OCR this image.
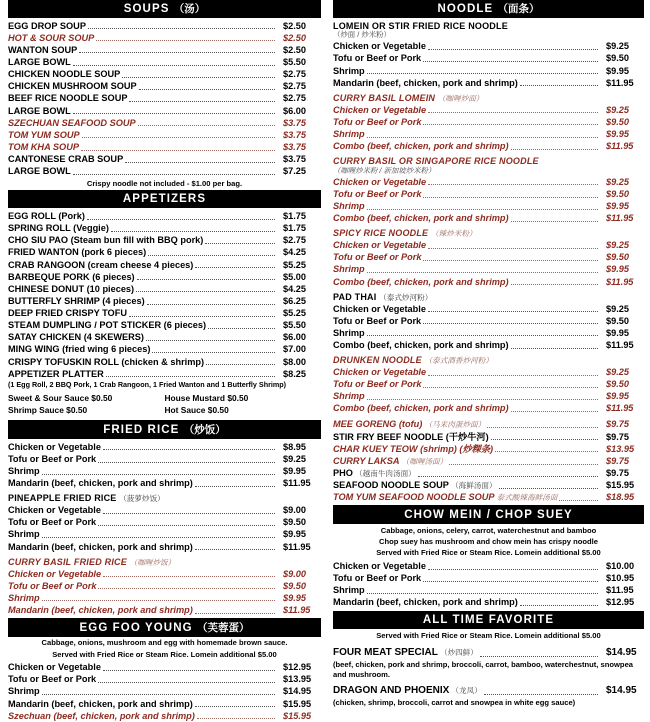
SOUPS （汤）
EGG DROP SOUP	$2.50
HOT & SOUR SOUP	$2.50
WANTON SOUP	$2.50
LARGE BOWL	$5.50
CHICKEN NOODLE SOUP	$2.75
CHICKEN MUSHROOM SOUP	$2.75
BEEF RICE NOODLE SOUP	$2.75
LARGE BOWL	$6.00
SZECHUAN SEAFOOD SOUP	$3.75
TOM YUM SOUP	$3.75
TOM KHA SOUP	$3.75
CANTONESE CRAB SOUP	$3.75
LARGE BOWL	$7.25
Crispy noodle not included - $1.00 per bag.
APPETIZERS
EGG ROLL (Pork)	$1.75
SPRING ROLL (Veggie)	$1.75
CHO SIU PAO (Steam bun fill with BBQ pork)	$2.75
FRIED WANTON (pork 6 pieces)	$4.25
CRAB RANGOON (cream cheese 4 pieces)	$5.25
BARBEQUE PORK (6 pieces)	$5.00
CHINESE DONUT (10 pieces)	$4.25
BUTTERFLY SHRIMP (4 pieces)	$6.25
DEEP FRIED CRISPY TOFU	$5.25
STEAM DUMPLING / POT STICKER (6 pieces)	$5.50
SATAY CHICKEN (4 SKEWERS)	$6.00
MING WING (fried wing 6 pieces)	$7.00
CRISPY TOFUSKIN ROLL (chicken & shrimp)	$8.00
APPETIZER PLATTER	$8.25
(1 Egg Roll, 2 BBQ Pork, 1 Crab Rangoon, 1 Fried Wanton and 1 Butterfly Shrimp)
Sweet & Sour Sauce $0.50
Shrimp Sauce $0.50
House Mustard $0.50
Hot Sauce $0.50
FRIED RICE （炒饭）
Chicken or Vegetable	$8.95
Tofu or Beef or Pork	$9.25
Shrimp	$9.95
Mandarin (beef, chicken, pork and shrimp)	$11.95
PINEAPPLE FRIED RICE （菠萝炒饭）
Chicken or Vegetable	$9.00
Tofu or Beef or Pork	$9.50
Shrimp	$9.95
Mandarin (beef, chicken, pork and shrimp)	$11.95
CURRY BASIL FRIED RICE （咖喱炒饭）
Chicken or Vegetable	$9.00
Tofu or Beef or Pork	$9.50
Shrimp	$9.95
Mandarin (beef, chicken, pork and shrimp)	$11.95
EGG FOO YOUNG （芙蓉蛋）
Cabbage, onions, mushroom and egg with homemade brown sauce.
Served with Fried Rice or Steam Rice. Lomein additional $5.00
Chicken or Vegetable	$12.95
Tofu or Beef or Pork	$13.95
Shrimp	$14.95
Mandarin (beef, chicken, pork and shrimp)	$15.95
Szechuan (beef, chicken, pork and shrimp)	$15.95
NOODLE （面条）
LOMEIN OR STIR FRIED RICE NOODLE
（炒面 / 炒米粉）
Chicken or Vegetable	$9.25
Tofu or Beef or Pork	$9.50
Shrimp	$9.95
Mandarin (beef, chicken, pork and shrimp)	$11.95
CURRY BASIL LOMEIN （咖喱炒面）
Chicken or Vegetable	$9.25
Tofu or Beef or Pork	$9.50
Shrimp	$9.95
Combo (beef, chicken, pork and shrimp)	$11.95
CURRY BASIL OR SINGAPORE RICE NOODLE
（咖喱炒米粉 / 新加坡炒米粉）
Chicken or Vegetable	$9.25
Tofu or Beef or Pork	$9.50
Shrimp	$9.95
Combo (beef, chicken, pork and shrimp)	$11.95
SPICY RICE NOODLE （辣炒米粉）
Chicken or Vegetable	$9.25
Tofu or Beef or Pork	$9.50
Shrimp	$9.95
Combo (beef, chicken, pork and shrimp)	$11.95
PAD THAI （泰式炒河粉）
Chicken or Vegetable	$9.25
Tofu or Beef or Pork	$9.50
Shrimp	$9.95
Combo (beef, chicken, pork and shrimp)	$11.95
DRUNKEN NOODLE （泰式酒香炒河粉）
Chicken or Vegetable	$9.25
Tofu or Beef or Pork	$9.50
Shrimp	$9.95
Combo (beef, chicken, pork and shrimp)	$11.95
MEE GORENG (tofu) （马来肉蛋炒面）	$9.75
STIR FRY BEEF NOODLE (干炒牛河)	$9.75
CHAR KUEY TEOW (shrimp) (炒粿条)	$13.95
CURRY LAKSA （咖喱汤面）	$9.75
PHO （越南牛肉汤面）	$9.75
SEAFOOD NOODLE SOUP （海鲜汤面）	$15.95
TOM YUM SEAFOOD NOODLE SOUP 泰式酸辣海鲜汤面	$18.95
CHOW MEIN / CHOP SUEY
Cabbage, onions, celery, carrot, waterchestnut and bamboo
Chop suey has mushroom and chow mein has crispy noodle
Served with Fried Rice or Steam Rice. Lomein additional $5.00
Chicken or Vegetable	$10.00
Tofu or Beef or Pork	$10.95
Shrimp	$11.95
Mandarin (beef, chicken, pork and shrimp)	$12.95
ALL TIME FAVORITE
Served with Fried Rice or Steam Rice. Lomein additional $5.00
FOUR MEAT SPECIAL （炒四鲜）	$14.95
(beef, chicken, pork and shrimp, broccoli, carrot, bamboo, waterchestnut, snowpea and mushroom.
DRAGON AND PHOENIX （龙凤）	$14.95
(chicken, shrimp, broccoli, carrot and snowpea in white egg sauce)
